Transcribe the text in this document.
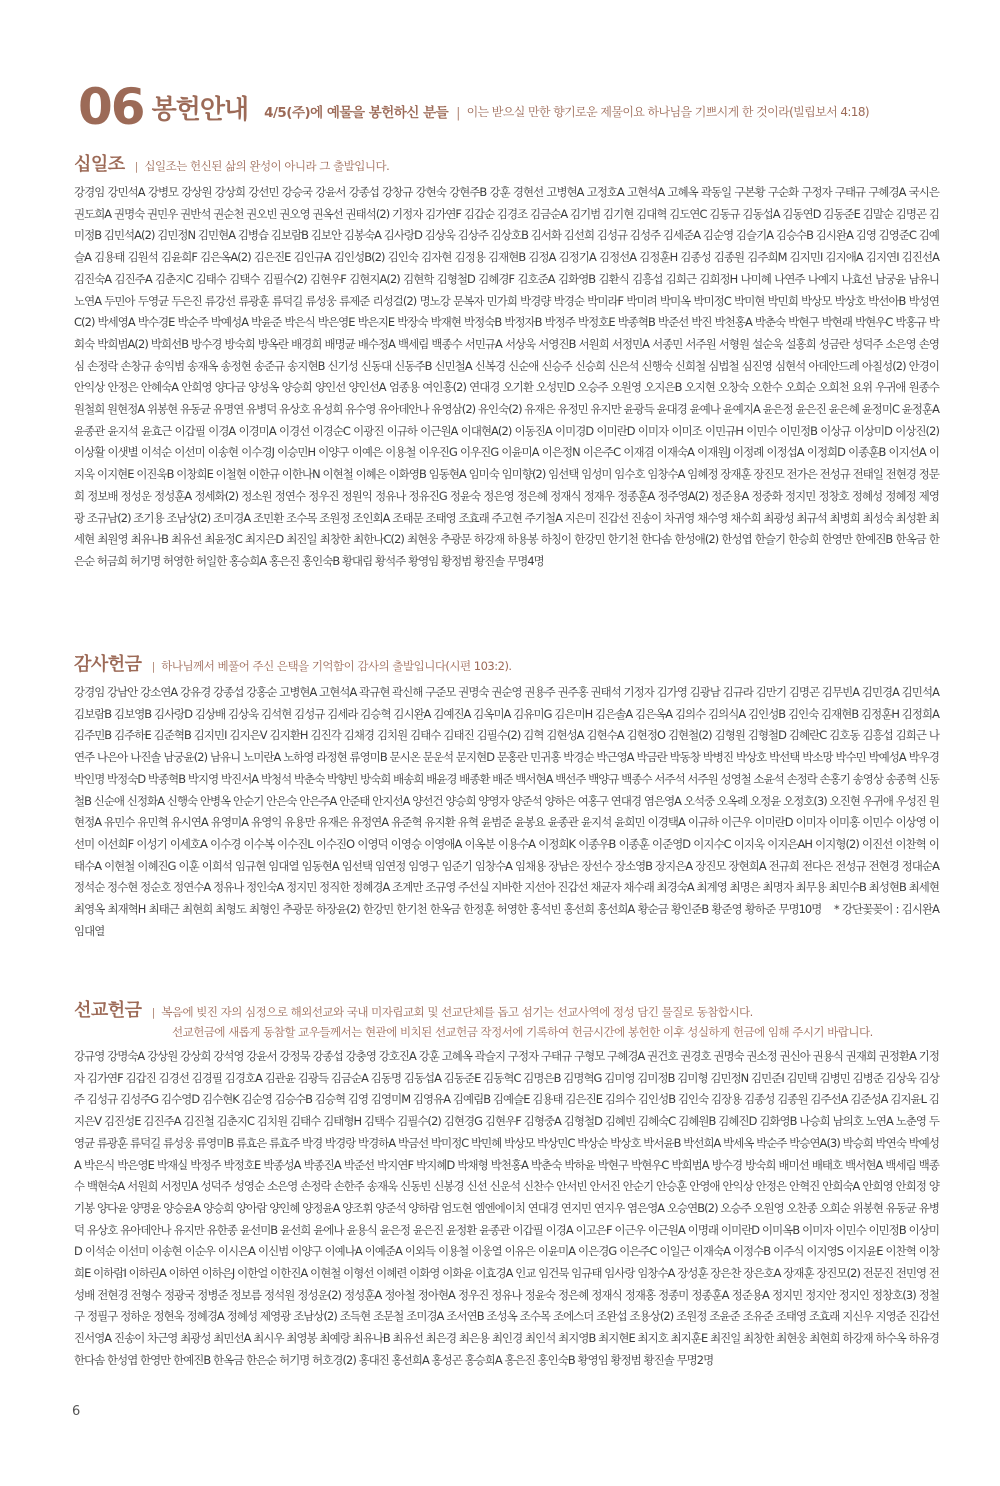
06 봉헌안내 4/5(주)에 예물을 봉헌하신 분들 | 이는 받으실 만한 향기로운 제물이요 하나님을 기쁘시게 한 것이라(빌립보서 4:18)
십일조 | 십일조는 헌신된 삶의 완성이 아니라 그 출발입니다.
강경임 강민석A 강병모 강상원 강상희 강선민 강승국 강윤서 강종섭 강창규 강현숙 강현주B 강훈 경현선 고병현A 고정호A 고현석A 고혜옥 곽동일 구본황 구순화 구정자 구태규 구혜경A 국시은 권도희A 권명숙 권민우 권반석 권순천 권오빈 권오영 권옥선 권태석(2) 기정자 김가연F 김갑순 김경조 김금순A 김기범 김기현 김대혁 김도연C 김동규 김동섭A 김동연D 김동준E 김말순 김명곤 김미정B 김민석A(2) 김민정N 김민현A 김병습 김보람B 김보안 김봉숙A 김사랑D 김상욱 김상주 김상호B 김서화 김선희 김성규 김성주 김세준A 김순영 김슬기A 김승수B 김시완A 김영 김영준C 김예슬A 김용태 김원석 김윤희F 김은옥A(2) 김은진E 김인규A 김인성B(2) 김인숙 김자현 김정용 김재현B 김정A 김정기A 김정선A 김정훈H 김종성 김종원 김주희M 김지민I 김지애A 김지연I 김진선A 김진숙A 김진주A 김춘지C 김태수 김택수 김필수(2) 김현우F 김현지A(2) 김현학 김형철D 김혜경F 김호준A 김화영B 김환식 김흥섭 김희근 김희정H 나미혜 나연주 나예지 나효선 남궁윤 남유니 노연A 두민아 두영균 두은진 류강선 류광훈 류덕길 류성웅 류제준 리성걸(2) 명노강 문복자 민가희 박경량 박경순 박미라F 박미려 박미옥 박미정C 박미현 박민희 박상모 박상호 박선아B 박성연C(2) 박세영A 박수경E 박순주 박예성A 박윤준 박은식 박은영E 박은지E 박장숙 박재현 박정숙B 박정자B 박정주 박정호E 박종혁B 박준선 박진 박천홍A 박춘숙 박현구 박현래 박현우C 박홍규 박회숙 박희범A(2) 박희선B 방수경 방숙희 방옥란 배경희 배명균 배수정A 백세림 백종수 서민규A 서상욱 서영진B 서원희 서정민A 서종민 서주원 서형원 설순욱 설홍희 성금란 성덕주 소은영 손영심 손정락 손창규 송익범 송재옥 송정현 송준규 송지현B 신기성 신동대 신동주B 신민철A 신복경 신순애 신승주 신승희 신은석 신행숙 신희철 심법철 심진영 심현석 아데안드레 아칠성(2) 안경이 안익상 안정은 안혜숙A 안희영 양다금 양성옥 양승희 양인선 양인선A 엄종용 여인홍(2) 연대경 오기환 오성민D 오승주 오원영 오지은B 오지현 오창숙 오한수 오희순 오희천 요위 우귀애 원종수 원철희 원현정A 위봉현 유동균 유명연 유병덕 유상호 유성희 유수영 유아데안나 유영삼(2) 유인숙(2) 유재은 유정민 유지만 윤광득 윤대경 윤예나 윤예지A 윤은정 윤은진 윤은혜 윤정미C 윤정훈A 윤종관 윤지석 윤효근 이갑필 이경A 이경미A 이경선 이경순C 이광진 이규하 이근원A 이대현A(2) 이동진A 이미경D 이미란D 이미자 이미조 이민규H 이민수 이민정B 이상규 이상미D 이상진(2) 이상활 이샛별 이석순 이선미 이송현 이수경J 이승민H 이양구 이예은 이용철 이우진G 이우진G 이윤미A 이은정N 이은주C 이재겸 이재숙A 이재원J 이정례 이정섭A 이정희D 이종훈B 이지선A 이지욱 이지현E 이진욱B 이창희E 이철현 이한규 이한나N 이현철 이혜은 이화영B 임동현A 임미숙 임미향(2) 임선택 임성미 임수호 임창수A 임혜정 장재훈 장진모 전가은 전성규 전태일 전현경 정문희 정보배 정성운 정성훈A 정세화(2) 정소원 정연수 정우진 정원익 정유나 정유진G 정윤숙 정은영 정은혜 정재식 정재우 정종훈A 정주영A(2) 정준용A 정중화 정지민 정창호 정혜성 정혜정 제영광 조규남(2) 조기용 조남상(2) 조미경A 조민환 조수목 조원정 조인회A 조태문 조태영 조효래 주고현 주기철A 지은미 진갑선 진송이 차귀영 채수영 채수희 최광성 최규석 최병희 최성숙 최성환 최세현 최원영 최유나B 최유선 최윤정C 최지은D 최진일 최창한 최한나C(2) 최현웅 추광문 하강재 하용봉 하칭이 한강민 한기천 한다솜 한성애(2) 한성엽 한슬기 한승희 한영만 한예진B 한옥금 한은순 허금희 허기명 허영한 허일한 홍승희A 홍은진 홍인숙B 황대림 황석주 황영임 황정범 황진솔 무명4명
감사헌금 | 하나님께서 베풀어 주신 은택을 기억함이 감사의 출발입니다(시편 103:2).
강경임 강남안 강소연A 강유경 강종섭 강홍순 고병현A 고현석A 곽규현 곽신해 구준모 권명숙 권순영 권용주 권주홍 권태석 기정자 김가영 김광남 김규라 김만기 김명곤 김무빈A 김민경A 김민석A 김보람B 김보영B 김사랑D 김상배 김상욱 김석현 김성규 김세라 김승혁 김시완A 김예진A 김옥미A 김유미G 김은미H 김은솔A 김은옥A 김의수 김의식A 김인성B 김인숙 김재현B 김정훈H 김정희A 김주민B 김주하E 김준혁B 김지민I 김지은V 김지환H 김진각 김채경 김치원 김태수 김태진 김필수(2) 김혁 김현성A 김현수A 김현정O 김현철(2) 김형원 김형철D 김혜란C 김호동 김흥섭 김희근 나연주 나은아 나진솔 남궁윤(2) 남유니 노미란A 노하영 라정현 류영미B 문시온 문운석 문지현D 문홍란 민귀홍 박경순 박근영A 박금란 박동창 박병진 박상호 박선택 박소망 박수민 박예성A 박우경 박인명 박정숙D 박종혁B 박지영 박진서A 박청석 박춘숙 박향빈 방숙희 배송희 배윤경 배종환 배준 백서현A 백선주 백양규 백종수 서주석 서주원 성영철 소윤석 손정락 손홍기 송영상 송종혁 신동철B 신순애 신정화A 신행숙 안병옥 안순기 안은숙 안은주A 안준태 안지선A 양선건 양승희 양영자 양준석 양하은 여홍구 연대경 염은영A 오석중 오옥례 오정윤 오정호(3) 오진현 우귀애 우성진 원현정A 유민수 유민혁 유시연A 유영미A 유영익 유용만 유재은 유정연A 유준혁 유지환 유혁 윤범준 윤봉요 윤종관 윤지석 윤희민 이경택A 이규하 이근우 이미란D 이미자 이미홍 이민수 이상영 이선미 이선희F 이성기 이세호A 이수경 이수복 이수진L 이수진O 이영덕 이영승 이영애A 이옥분 이용수A 이정희K 이종우B 이종훈 이준영D 이지수C 이지욱 이지은AH 이지형(2) 이진선 이찬혁 이태수A 이현철 이혜진G 이훈 이희석 임규현 임대열 임동현A 임선택 임연정 임영구 임준기 임창수A 임채용 장남은 장선수 장소영B 장지은A 장진모 장현희A 전규희 전다은 전성규 전현경 정대순A 정석순 정수현 정순호 정연수A 정유나 정인숙A 정지민 정직한 정혜경A 조계만 조규영 주선실 지바한 지선아 진갑선 채균자 채수래 최경숙A 최계영 최명은 최명자 최무용 최민수B 최성현B 최세현 최영옥 최재혁H 최태근 최현희 최형도 최형인 추광문 하장윤(2) 한강민 한기천 한옥금 한정훈 허영한 홍석빈 홍선희 홍선희A 황순금 황인준B 황준영 황하준 무명10명 * 강단꽃꽂이 : 김시완A 임대열
선교헌금 | 복음에 빚진 자의 심정으로 해외선교와 국내 미자립교회 및 선교단체를 돕고 섬기는 선교사역에 정성 담긴 물질로 동참합시다.
선교헌금에 새롭게 동참할 교우들께서는 현관에 비치된 선교헌금 작정서에 기록하여 헌금시간에 봉헌한 이후 성실하게 헌금에 임해 주시기 바랍니다.
강규영 강명숙A 강상원 강상희 강석영 강윤서 강정묵 강종섭 강충영 강호진A 강훈 고혜옥 곽슬지 구정자 구태규 구형모 구혜경A 권건호 권경호 권명숙 권소정 권신아 권용식 권재희 권정환A 기정자 김가연F 김갑진 김경선 김경필 김경호A 김관윤 김광득 김금순A 김동명 김동섭A 김동준E 김동혁C 김명은B 김명혁G 김미영 김미정B 김미형 김민정N 김민준I 김민택 김병민 김병준 김상욱 김상주 김성규 김성주G 김수영D 김수현K 김순영 김승수B 김승혁 김영 김영미M 김영유A 김예림B 김예슬E 김용태 김은진E 김의수 김인성B 김인숙 김장용 김종성 김종원 김주선A 김준성A 김지윤L 김지은V 김진성E 김진주A 김진철 김춘지C 김치원 김태수 김태형H 김택수 김필수(2) 김현경G 김현우F 김형중A 김형철D 김혜빈 김혜숙C 김혜원B 김혜진D 김화영B 나승희 남의호 노연A 노춘영 두영균 류광훈 류덕길 류성웅 류영미B 류효은 류효주 박경 박경랑 박경하A 박금선 박미정C 박민혜 박상모 박상민C 박상순 박상호 박서윤B 박선희A 박세옥 박순주 박승연A(3) 박승희 박연숙 박예성A 박은식 박은영E 박재실 박정주 박정호E 박종성A 박종진A 박준선 박지연F 박지혜D 박채형 박천홍A 박춘숙 박하윤 박현구 박현우C 박희범A 방수경 방숙희 배미선 배태호 백서현A 백세림 백종수 백현숙A 서원희 서정민A 성덕주 성영순 소은영 손정락 손한주 송재욱 신동빈 신봉경 신선 신운석 신찬수 안서빈 안서진 안순기 안승훈 안영애 안익상 안정은 안혁진 안희숙A 안희영 안희정 양기봉 양다윤 양명윤 양승윤A 양승희 양아람 양인혜 양정윤A 양조휘 양준석 양하람 엄도현 엠엔에이치 연대경 연지민 연지우 염은영A 오승연B(2) 오승주 오원영 오찬종 오희순 위봉현 유동균 유병덕 유상호 유아데안나 유지만 유한종 윤선미B 윤선희 윤에나 윤용식 윤은정 윤은진 윤정환 윤종관 이갑필 이경A 이고은F 이근우 이근원A 이명래 이미란D 이미옥B 이미자 이민수 이민정B 이상미D 이석순 이선미 이송현 이순우 이시은A 이신범 이양구 이예나A 이예준A 이외득 이용철 이웅열 이유은 이윤미A 이은경G 이은주C 이일근 이재숙A 이정수B 이주식 이지영S 이지윤E 이찬혁 이창희E 이하람I 이하린A 이하연 이하은J 이한얼 이한진A 이현철 이형선 이혜련 이화영 이화윤 이효경A 인교 임건묵 임규태 임사랑 임창수A 장성훈 장은찬 장은호A 장재훈 장진모(2) 전문진 전민영 전성배 전현경 전형수 정광국 정병준 정보름 정석원 정성운(2) 정성훈A 정아철 정아현A 정우진 정유나 정윤숙 정은혜 정재식 정재홍 정종미 정종훈A 정준용A 정지민 정지안 정지인 정창호(3) 정철구 정필구 정하운 정현욱 정혜경A 정혜성 제영광 조남상(2) 조득현 조문철 조미경A 조서연B 조성옥 조수목 조에스더 조완섭 조용상(2) 조원정 조윤준 조유준 조태영 조효래 지신우 지영준 진갑선 진서영A 진송이 차근영 최광성 최민선A 최시우 최영봉 최예랑 최유나B 최유선 최은경 최은용 최인경 최인석 최지영B 최지현E 최지호 최지훈E 최진일 최창한 최현웅 최현희 하강재 하수옥 하유경 한다솜 한성엽 한영만 한예진B 한옥금 한은순 허기명 허호경(2) 홍대진 홍선희A 홍성곤 홍승희A 홍은진 홍인숙B 황영임 황정범 황진솔 무명2명
6
